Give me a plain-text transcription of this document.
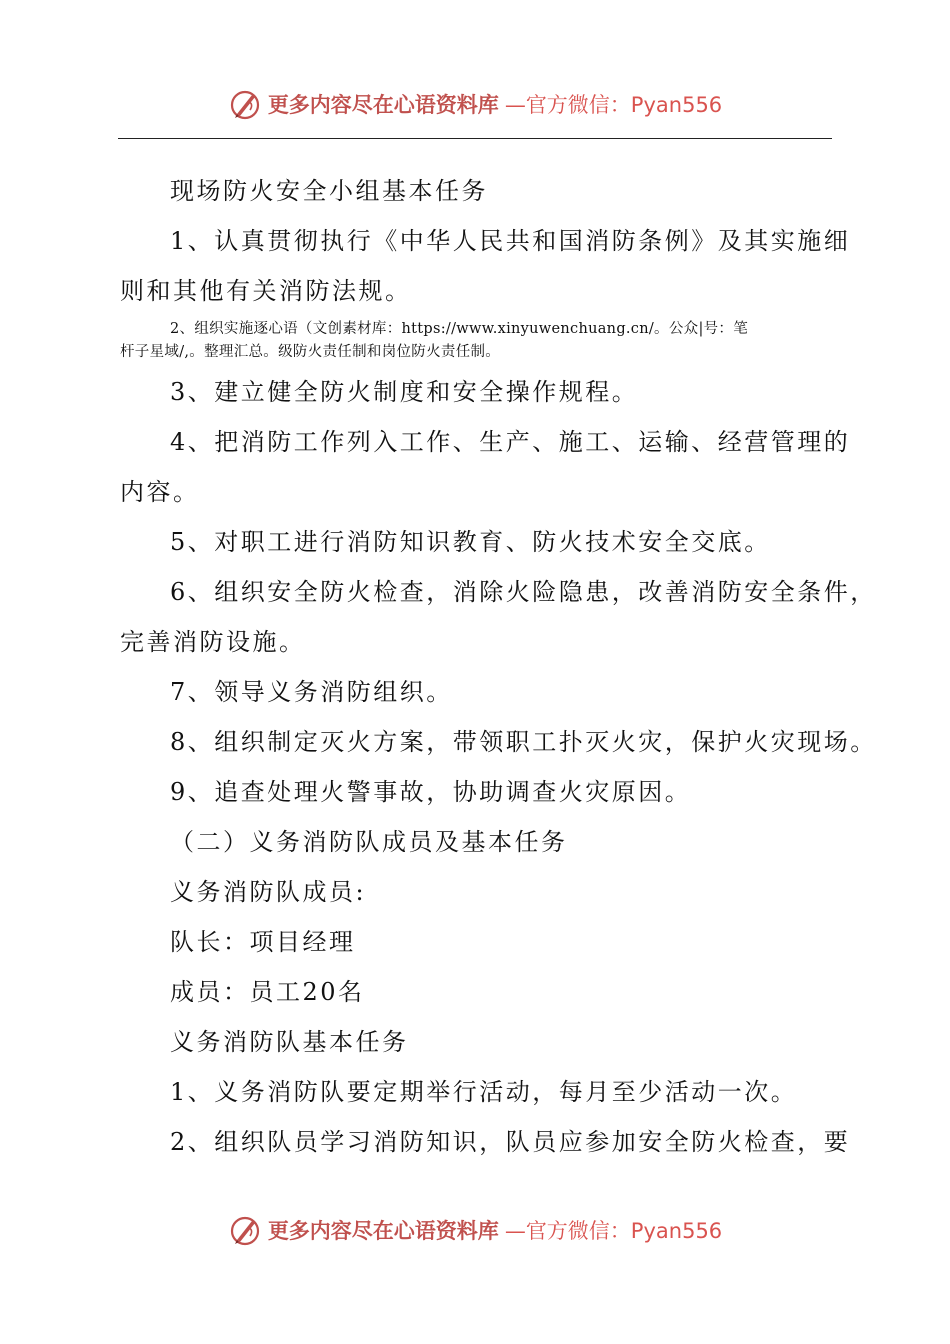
更多内容尽在心语资料库 —官方微信：Pyan556
现场防火安全小组基本任务
1、认真贯彻执行《中华人民共和国消防条例》及其实施细
则和其他有关消防法规。
2、组织实施逐心语（文创素材库：https://www.xinyuwenchuang.cn/。公众|号：笔
杆子星域/,。整理汇总。级防火责任制和岗位防火责任制。
3、建立健全防火制度和安全操作规程。
4、把消防工作列入工作、生产、施工、运输、经营管理的
内容。
5、对职工进行消防知识教育、防火技术安全交底。
6、组织安全防火检查，消除火险隐患，改善消防安全条件，
完善消防设施。
7、领导义务消防组织。
8、组织制定灭火方案，带领职工扑灭火灾，保护火灾现场。
9、追查处理火警事故，协助调查火灾原因。
（二）义务消防队成员及基本任务
义务消防队成员:
队长：项目经理
成员：员工20名
义务消防队基本任务
1、义务消防队要定期举行活动，每月至少活动一次。
2、组织队员学习消防知识，队员应参加安全防火检查，要
更多内容尽在心语资料库 —官方微信：Pyan556
